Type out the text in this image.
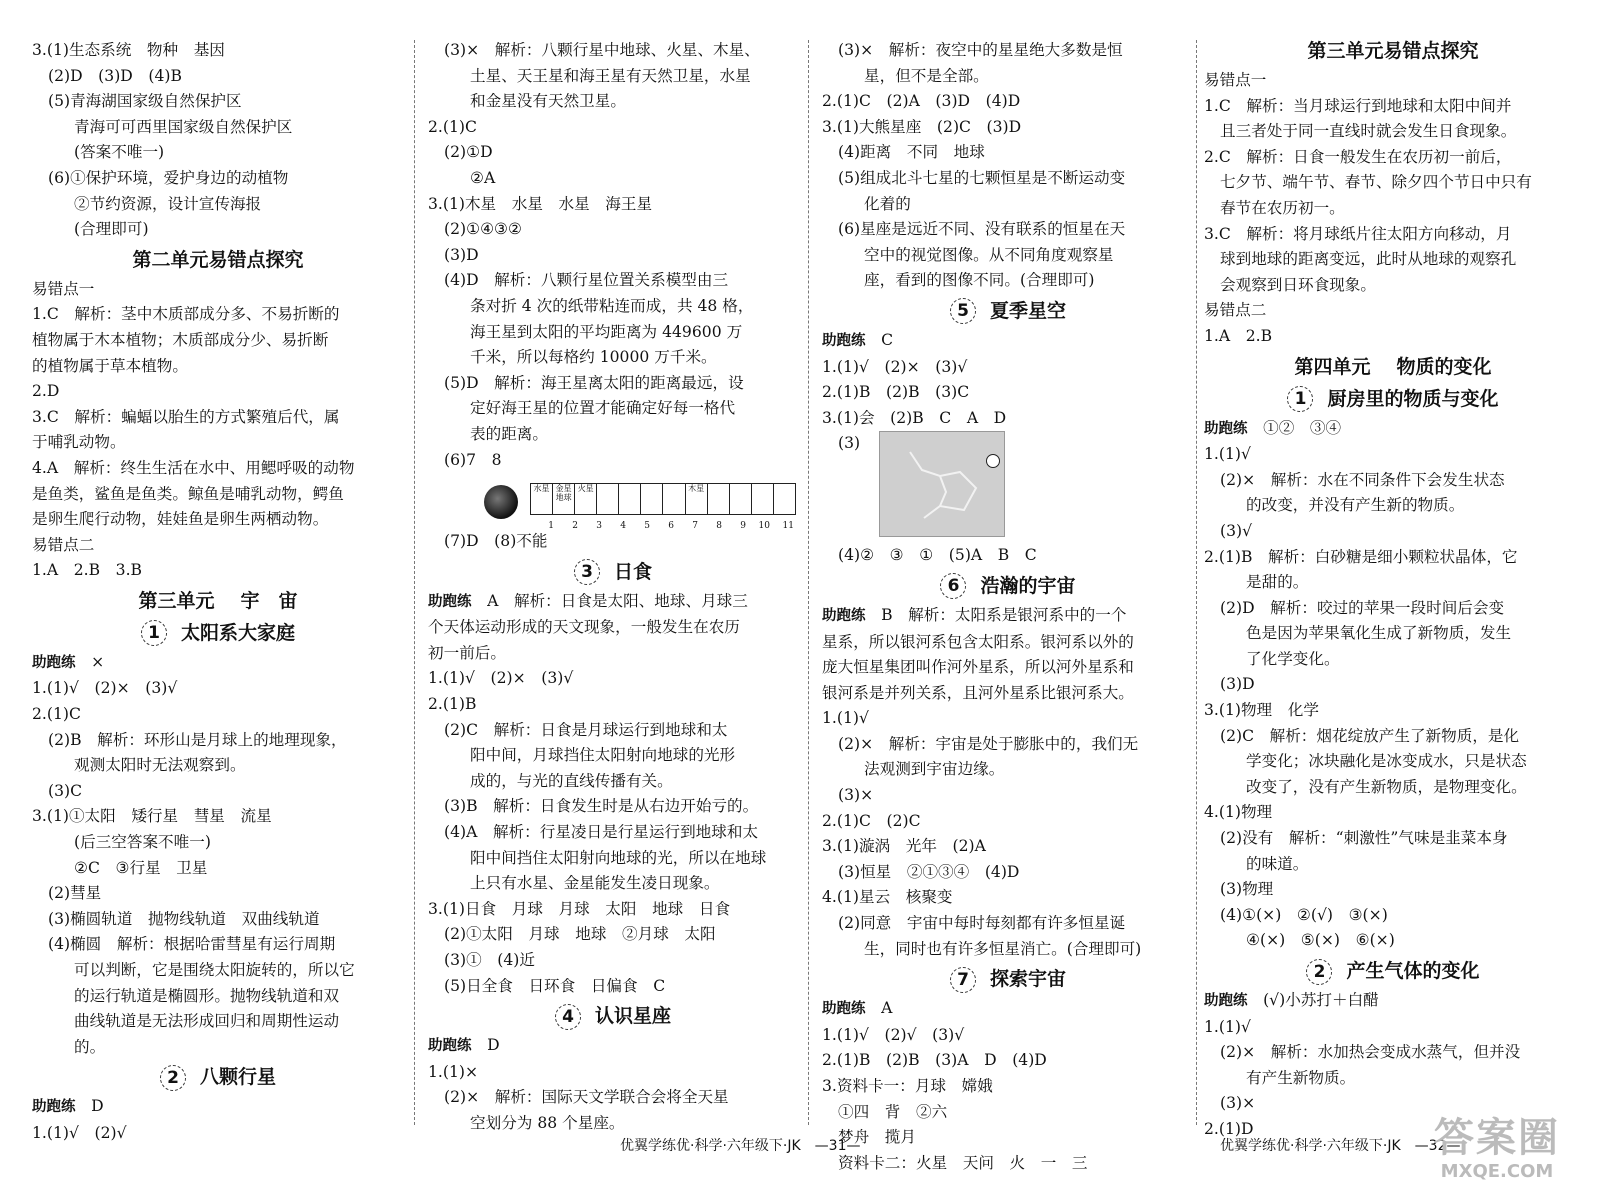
3.(1)生态系统　物种　基因
(2)D　(3)D　(4)B
(5)青海湖国家级自然保护区
青海可可西里国家级自然保护区
(答案不唯一)
(6)①保护环境，爱护身边的动植物
②节约资源，设计宣传海报
(合理即可)
第二单元易错点探究
易错点一
1.C　解析：茎中木质部成分多、不易折断的
植物属于木本植物；木质部成分少、易折断
的植物属于草本植物。
2.D
3.C　解析：蝙蝠以胎生的方式繁殖后代，属
于哺乳动物。
4.A　解析：终生生活在水中、用鳃呼吸的动物
是鱼类，鲨鱼是鱼类。鲸鱼是哺乳动物，鳄鱼
是卵生爬行动物，娃娃鱼是卵生两栖动物。
易错点二
1.A　2.B　3.B
第三单元 宇　宙
1 太阳系大家庭
助跑练　×
1.(1)√　(2)×　(3)√
2.(1)C
(2)B　解析：环形山是月球上的地理现象，
观测太阳时无法观察到。
(3)C
3.(1)①太阳　矮行星　彗星　流星
(后三空答案不唯一)
②C　③行星　卫星
(2)彗星
(3)椭圆轨道　抛物线轨道　双曲线轨道
(4)椭圆　解析：根据哈雷彗星有运行周期
可以判断，它是围绕太阳旋转的，所以它
的运行轨道是椭圆形。抛物线轨道和双
曲线轨道是无法形成回归和周期性运动
的。
2 八颗行星
助跑练　D
1.(1)√　(2)√
(3)×　解析：八颗行星中地球、火星、木星、
土星、天王星和海王星有天然卫星，水星
和金星没有天然卫星。
2.(1)C
(2)①D
②A
3.(1)木星　水星　水星　海王星
(2)①④③②
(3)D
(4)D　解析：八颗行星位置关系模型由三
条对折 4 次的纸带粘连而成，共 48 格，
海王星到太阳的平均距离为 449600 万
千米，所以每格约 10000 万千米。
(5)D　解析：海王星离太阳的距离最远，设
定好海王星的位置才能确定好每一格代
表的距离。
(6)7　8
水星 金星 地球
火星	木星
1	2	3	4	5	6	7	8	9	10	11
(7)D　(8)不能
3 日食
助跑练　A　解析：日食是太阳、地球、月球三
个天体运动形成的天文现象，一般发生在农历
初一前后。
1.(1)√　(2)×　(3)√
2.(1)B
(2)C　解析：日食是月球运行到地球和太
阳中间，月球挡住太阳射向地球的光形
成的，与光的直线传播有关。
(3)B　解析：日食发生时是从右边开始亏的。
(4)A　解析：行星凌日是行星运行到地球和太
阳中间挡住太阳射向地球的光，所以在地球
上只有水星、金星能发生凌日现象。
3.(1)日食　月球　月球　太阳　地球　日食
(2)①太阳　月球　地球　②月球　太阳
(3)①　(4)近
(5)日全食　日环食　日偏食　C
4 认识星座
助跑练　D
1.(1)×
(2)×　解析：国际天文学联合会将全天星
空划分为 88 个星座。
(3)×　解析：夜空中的星星绝大多数是恒
星，但不是全部。
2.(1)C　(2)A　(3)D　(4)D
3.(1)大熊星座　(2)C　(3)D
(4)距离　不同　地球
(5)组成北斗七星的七颗恒星是不断运动变
化着的
(6)星座是远近不同、没有联系的恒星在天
空中的视觉图像。从不同角度观察星
座，看到的图像不同。(合理即可)
5 夏季星空
助跑练　C
1.(1)√　(2)×　(3)√
2.(1)B　(2)B　(3)C
3.(1)会　(2)B　C　A　D
(3)
(4)②　③　①　(5)A　B　C
6 浩瀚的宇宙
助跑练　B　解析：太阳系是银河系中的一个
星系，所以银河系包含太阳系。银河系以外的
庞大恒星集团叫作河外星系，所以河外星系和
银河系是并列关系，且河外星系比银河系大。
1.(1)√
(2)×　解析：宇宙是处于膨胀中的，我们无
法观测到宇宙边缘。
(3)×
2.(1)C　(2)C
3.(1)漩涡　光年　(2)A
(3)恒星　②①③④　(4)D
4.(1)星云　核聚变
(2)同意　宇宙中每时每刻都有许多恒星诞
生，同时也有许多恒星消亡。(合理即可)
7 探索宇宙
助跑练　A
1.(1)√　(2)√　(3)√
2.(1)B　(2)B　(3)A　D　(4)D
3.资料卡一：月球　嫦娥
①四　背　②六
梦舟　揽月
资料卡二：火星　天问　火　一　三
第三单元易错点探究
易错点一
1.C　解析：当月球运行到地球和太阳中间并
且三者处于同一直线时就会发生日食现象。
2.C　解析：日食一般发生在农历初一前后，
七夕节、端午节、春节、除夕四个节日中只有
春节在农历初一。
3.C　解析：将月球纸片往太阳方向移动，月
球到地球的距离变远，此时从地球的观察孔
会观察到日环食现象。
易错点二
1.A　2.B
第四单元 物质的变化
1 厨房里的物质与变化
助跑练　①②　③④
1.(1)√
(2)×　解析：水在不同条件下会发生状态
的改变，并没有产生新的物质。
(3)√
2.(1)B　解析：白砂糖是细小颗粒状晶体，它
是甜的。
(2)D　解析：咬过的苹果一段时间后会变
色是因为苹果氧化生成了新物质，发生
了化学变化。
(3)D
3.(1)物理　化学
(2)C　解析：烟花绽放产生了新物质，是化
学变化；冰块融化是冰变成水，只是状态
改变了，没有产生新物质，是物理变化。
4.(1)物理
(2)没有　解析：“刺激性”气味是韭菜本身
的味道。
(3)物理
(4)①(×)　②(√)　③(×)
④(×)　⑤(×)　⑥(×)
2 产生气体的变化
助跑练　(√)小苏打＋白醋
1.(1)√
(2)×　解析：水加热会变成水蒸气，但并没
有产生新物质。
(3)×
2.(1)D
优翼学练优·科学·六年级下·JK　—31—	优翼学练优·科学·六年级下·JK　—32—
答案圈
MXQE.COM
